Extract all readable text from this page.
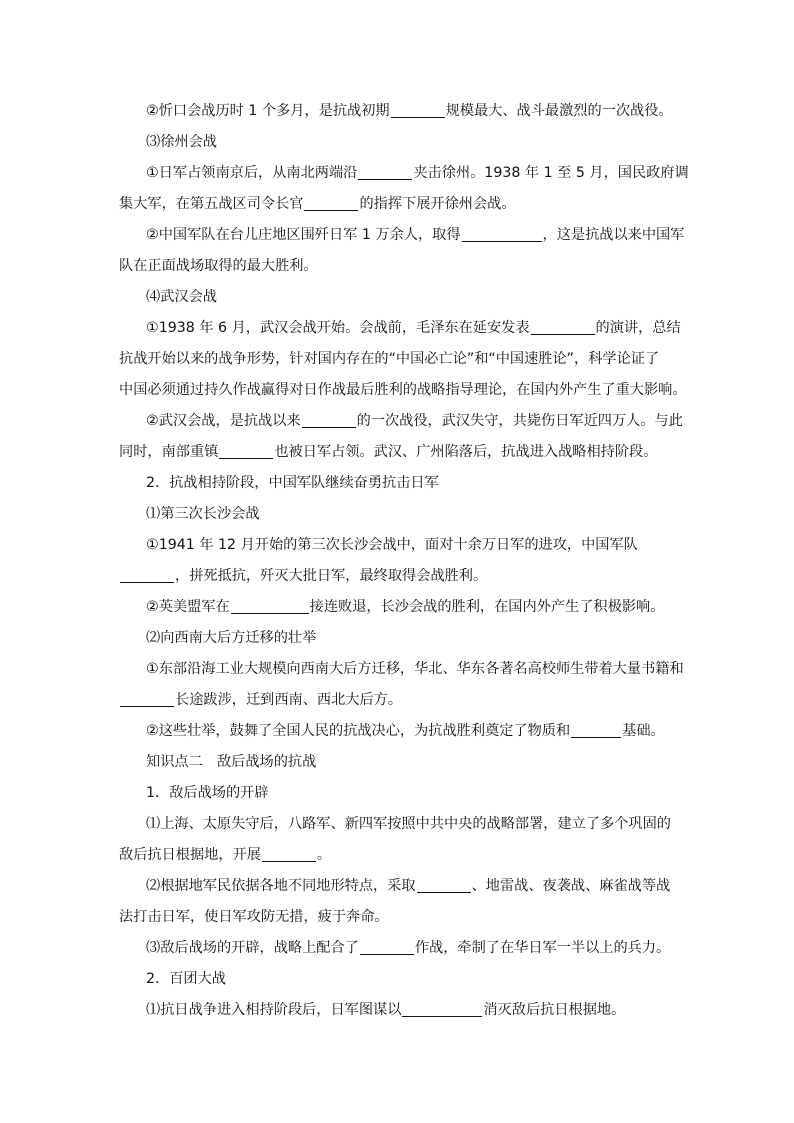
②忻口会战历时 1 个多月，是抗战初期	规模最大、战斗最激烈的一次战役。
⑶徐州会战
①日军占领南京后，从南北两端沿	夹击徐州。1938 年 1 至 5 月，国民政府调
集大军，在第五战区司令长官	的指挥下展开徐州会战。
②中国军队在台儿庄地区围歼日军 1 万余人，取得	，这是抗战以来中国军
队在正面战场取得的最大胜利。
⑷武汉会战
①1938 年 6 月，武汉会战开始。会战前，毛泽东在延安发表	的演讲，总结
抗战开始以来的战争形势，针对国内存在的“中国必亡论”和“中国速胜论”，科学论证了
中国必须通过持久作战赢得对日作战最后胜利的战略指导理论，在国内外产生了重大影响。
②武汉会战，是抗战以来	的一次战役，武汉失守，共毙伤日军近四万人。与此
同时，南部重镇	也被日军占领。武汉、广州陷落后，抗战进入战略相持阶段。
2．抗战相持阶段，中国军队继续奋勇抗击日军
⑴第三次长沙会战
①1941 年 12 月开始的第三次长沙会战中，面对十余万日军的进攻，中国军队
，拼死抵抗，歼灭大批日军，最终取得会战胜利。
②英美盟军在	接连败退，长沙会战的胜利，在国内外产生了积极影响。
⑵向西南大后方迁移的壮举
①东部沿海工业大规模向西南大后方迁移，华北、华东各著名高校师生带着大量书籍和
长途跋涉，迁到西南、西北大后方。
②这些壮举，鼓舞了全国人民的抗战决心，为抗战胜利奠定了物质和	基础。
知识点二　敌后战场的抗战
1．敌后战场的开辟
⑴上海、太原失守后，八路军、新四军按照中共中央的战略部署，建立了多个巩固的
敌后抗日根据地，开展	。
⑵根据地军民依据各地不同地形特点，采取	、地雷战、夜袭战、麻雀战等战
法打击日军，使日军攻防无措，疲于奔命。
⑶敌后战场的开辟，战略上配合了	作战，牵制了在华日军一半以上的兵力。
2．百团大战
⑴抗日战争进入相持阶段后，日军图谋以	消灭敌后抗日根据地。
